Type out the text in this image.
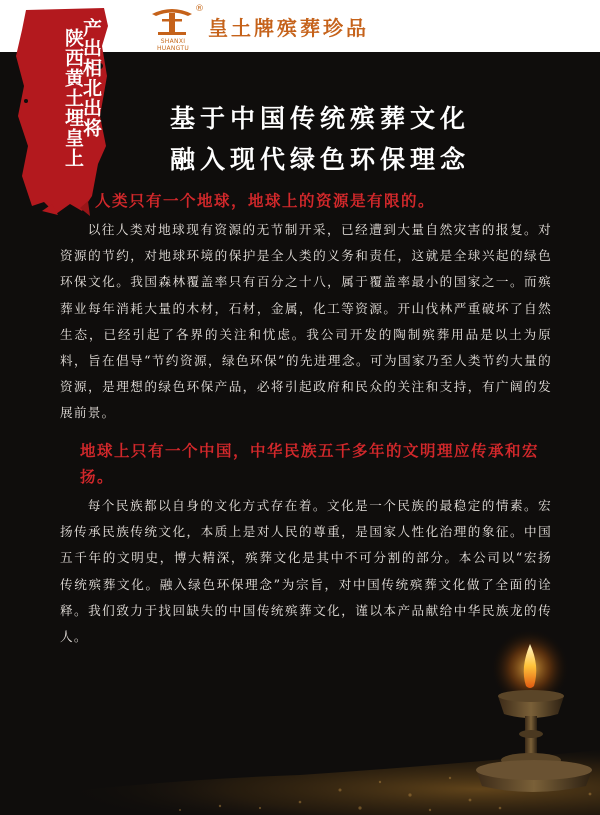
®
SHANXI HUANGTU
皇土牌殡葬珍品
陕西黄土埋皇上
产出相北出将	基于中国传统殡葬文化
融入现代绿色环保理念
人类只有一个地球，地球上的资源是有限的。
以往人类对地球现有资源的无节制开采，已经遭到大量自然灾害的报复。对资源的节约，对地球环境的保护是全人类的义务和责任，这就是全球兴起的绿色环保文化。我国森林覆盖率只有百分之十八，属于覆盖率最小的国家之一。而殡葬业每年消耗大量的木材，石材，金属，化工等资源。开山伐林严重破坏了自然生态，已经引起了各界的关注和忧虑。我公司开发的陶制殡葬用品是以土为原料，旨在倡导“节约资源，绿色环保”的先进理念。可为国家乃至人类节约大量的资源，是理想的绿色环保产品，必将引起政府和民众的关注和支持，有广阔的发展前景。
地球上只有一个中国，中华民族五千多年的文明理应传承和宏扬。
每个民族都以自身的文化方式存在着。文化是一个民族的最稳定的情素。宏扬传承民族传统文化，本质上是对人民的尊重，是国家人性化治理的象征。中国五千年的文明史，博大精深，殡葬文化是其中不可分割的部分。本公司以“宏扬传统殡葬文化。融入绿色环保理念”为宗旨，对中国传统殡葬文化做了全面的诠释。我们致力于找回缺失的中国传统殡葬文化，谨以本产品献给中华民族龙的传人。
